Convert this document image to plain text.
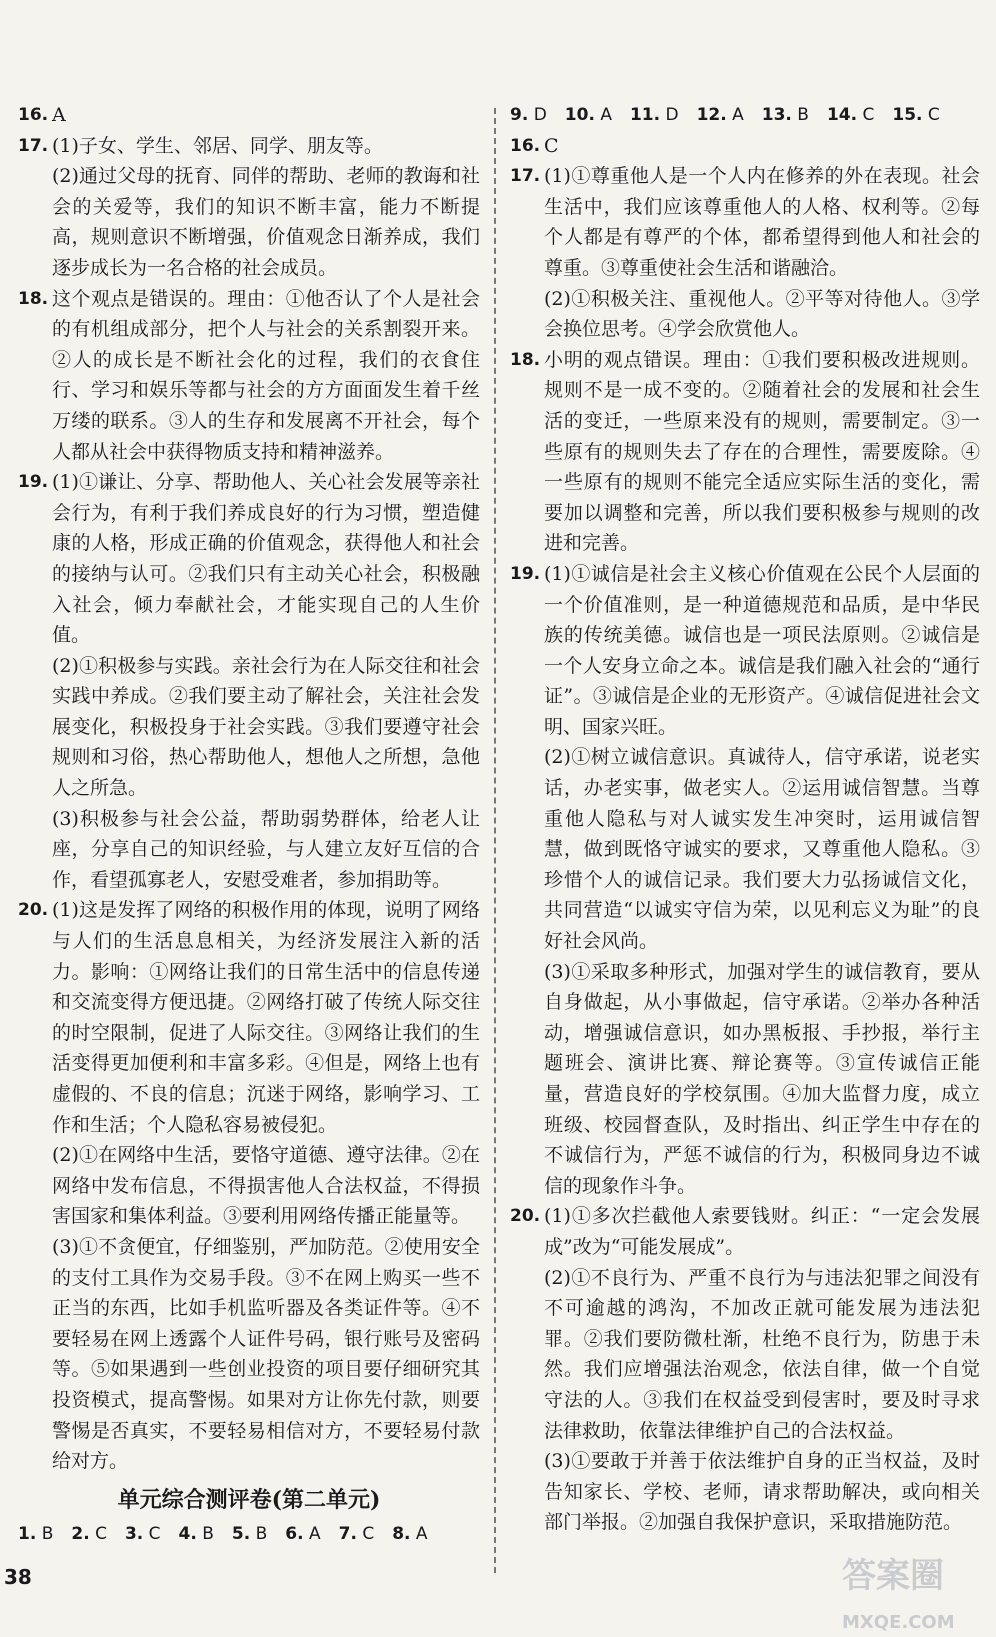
16. A

17. (1)子女、学生、邻居、同学、朋友等。

(2)通过父母的抚育、同伴的帮助、老师的教诲和社会的关爱等，我们的知识不断丰富，能力不断提高，规则意识不断增强，价值观念日渐养成，我们逐步成长为一名合格的社会成员。

18. 这个观点是错误的。理由：①他否认了个人是社会的有机组成部分，把个人与社会的关系割裂开来。②人的成长是不断社会化的过程，我们的衣食住行、学习和娱乐等都与社会的方方面面发生着千丝万缕的联系。③人的生存和发展离不开社会，每个人都从社会中获得物质支持和精神滋养。

19. (1)①谦让、分享、帮助他人、关心社会发展等亲社会行为，有利于我们养成良好的行为习惯，塑造健康的人格，形成正确的价值观念，获得他人和社会的接纳与认可。②我们只有主动关心社会，积极融入社会，倾力奉献社会，才能实现自己的人生价值。

(2)①积极参与实践。亲社会行为在人际交往和社会实践中养成。②我们要主动了解社会，关注社会发展变化，积极投身于社会实践。③我们要遵守社会规则和习俗，热心帮助他人，想他人之所想，急他人之所急。

(3)积极参与社会公益，帮助弱势群体，给老人让座，分享自己的知识经验，与人建立友好互信的合作，看望孤寡老人，安慰受难者，参加捐助等。

20. (1)这是发挥了网络的积极作用的体现，说明了网络与人们的生活息息相关，为经济发展注入新的活力。影响：①网络让我们的日常生活中的信息传递和交流变得方便迅捷。②网络打破了传统人际交往的时空限制，促进了人际交往。③网络让我们的生活变得更加便利和丰富多彩。④但是，网络上也有虚假的、不良的信息；沉迷于网络，影响学习、工作和生活；个人隐私容易被侵犯。

(2)①在网络中生活，要恪守道德、遵守法律。②在网络中发布信息，不得损害他人合法权益，不得损害国家和集体利益。③要利用网络传播正能量等。

(3)①不贪便宜，仔细鉴别，严加防范。②使用安全的支付工具作为交易手段。③不在网上购买一些不正当的东西，比如手机监听器及各类证件等。④不要轻易在网上透露个人证件号码，银行账号及密码等。⑤如果遇到一些创业投资的项目要仔细研究其投资模式，提高警惕。如果对方让你先付款，则要警惕是否真实，不要轻易相信对方，不要轻易付款给对方。

单元综合测评卷(第二单元)
1. B 2. C 3. C 4. B 5. B 6. A 7. C 8. A
9. D 10. A 11. D 12. A 13. B 14. C 15. C
16. C

17. (1)①尊重他人是一个人内在修养的外在表现。社会生活中，我们应该尊重他人的人格、权利等。②每个人都是有尊严的个体，都希望得到他人和社会的尊重。③尊重使社会生活和谐融洽。

(2)①积极关注、重视他人。②平等对待他人。③学会换位思考。④学会欣赏他人。

18. 小明的观点错误。理由：①我们要积极改进规则。规则不是一成不变的。②随着社会的发展和社会生活的变迁，一些原来没有的规则，需要制定。③一些原有的规则失去了存在的合理性，需要废除。④一些原有的规则不能完全适应实际生活的变化，需要加以调整和完善，所以我们要积极参与规则的改进和完善。

19. (1)①诚信是社会主义核心价值观在公民个人层面的一个价值准则，是一种道德规范和品质，是中华民族的传统美德。诚信也是一项民法原则。②诚信是一个人安身立命之本。诚信是我们融入社会的“通行证”。③诚信是企业的无形资产。④诚信促进社会文明、国家兴旺。

(2)①树立诚信意识。真诚待人，信守承诺，说老实话，办老实事，做老实人。②运用诚信智慧。当尊重他人隐私与对人诚实发生冲突时，运用诚信智慧，做到既恪守诚实的要求，又尊重他人隐私。③珍惜个人的诚信记录。我们要大力弘扬诚信文化，共同营造“以诚实守信为荣，以见利忘义为耻”的良好社会风尚。

(3)①采取多种形式，加强对学生的诚信教育，要从自身做起，从小事做起，信守承诺。②举办各种活动，增强诚信意识，如办黑板报、手抄报，举行主题班会、演讲比赛、辩论赛等。③宣传诚信正能量，营造良好的学校氛围。④加大监督力度，成立班级、校园督查队，及时指出、纠正学生中存在的不诚信行为，严惩不诚信的行为，积极同身边不诚信的现象作斗争。

20. (1)①多次拦截他人索要钱财。纠正：“一定会发展成”改为“可能发展成”。

(2)①不良行为、严重不良行为与违法犯罪之间没有不可逾越的鸿沟，不加改正就可能发展为违法犯罪。②我们要防微杜渐，杜绝不良行为，防患于未然。我们应增强法治观念，依法自律，做一个自觉守法的人。③我们在权益受到侵害时，要及时寻求法律救助，依靠法律维护自己的合法权益。

(3)①要敢于并善于依法维护自身的正当权益，及时告知家长、学校、老师，请求帮助解决，或向相关部门举报。②加强自我保护意识，采取措施防范。

38	答案圈
MXQE.COM
